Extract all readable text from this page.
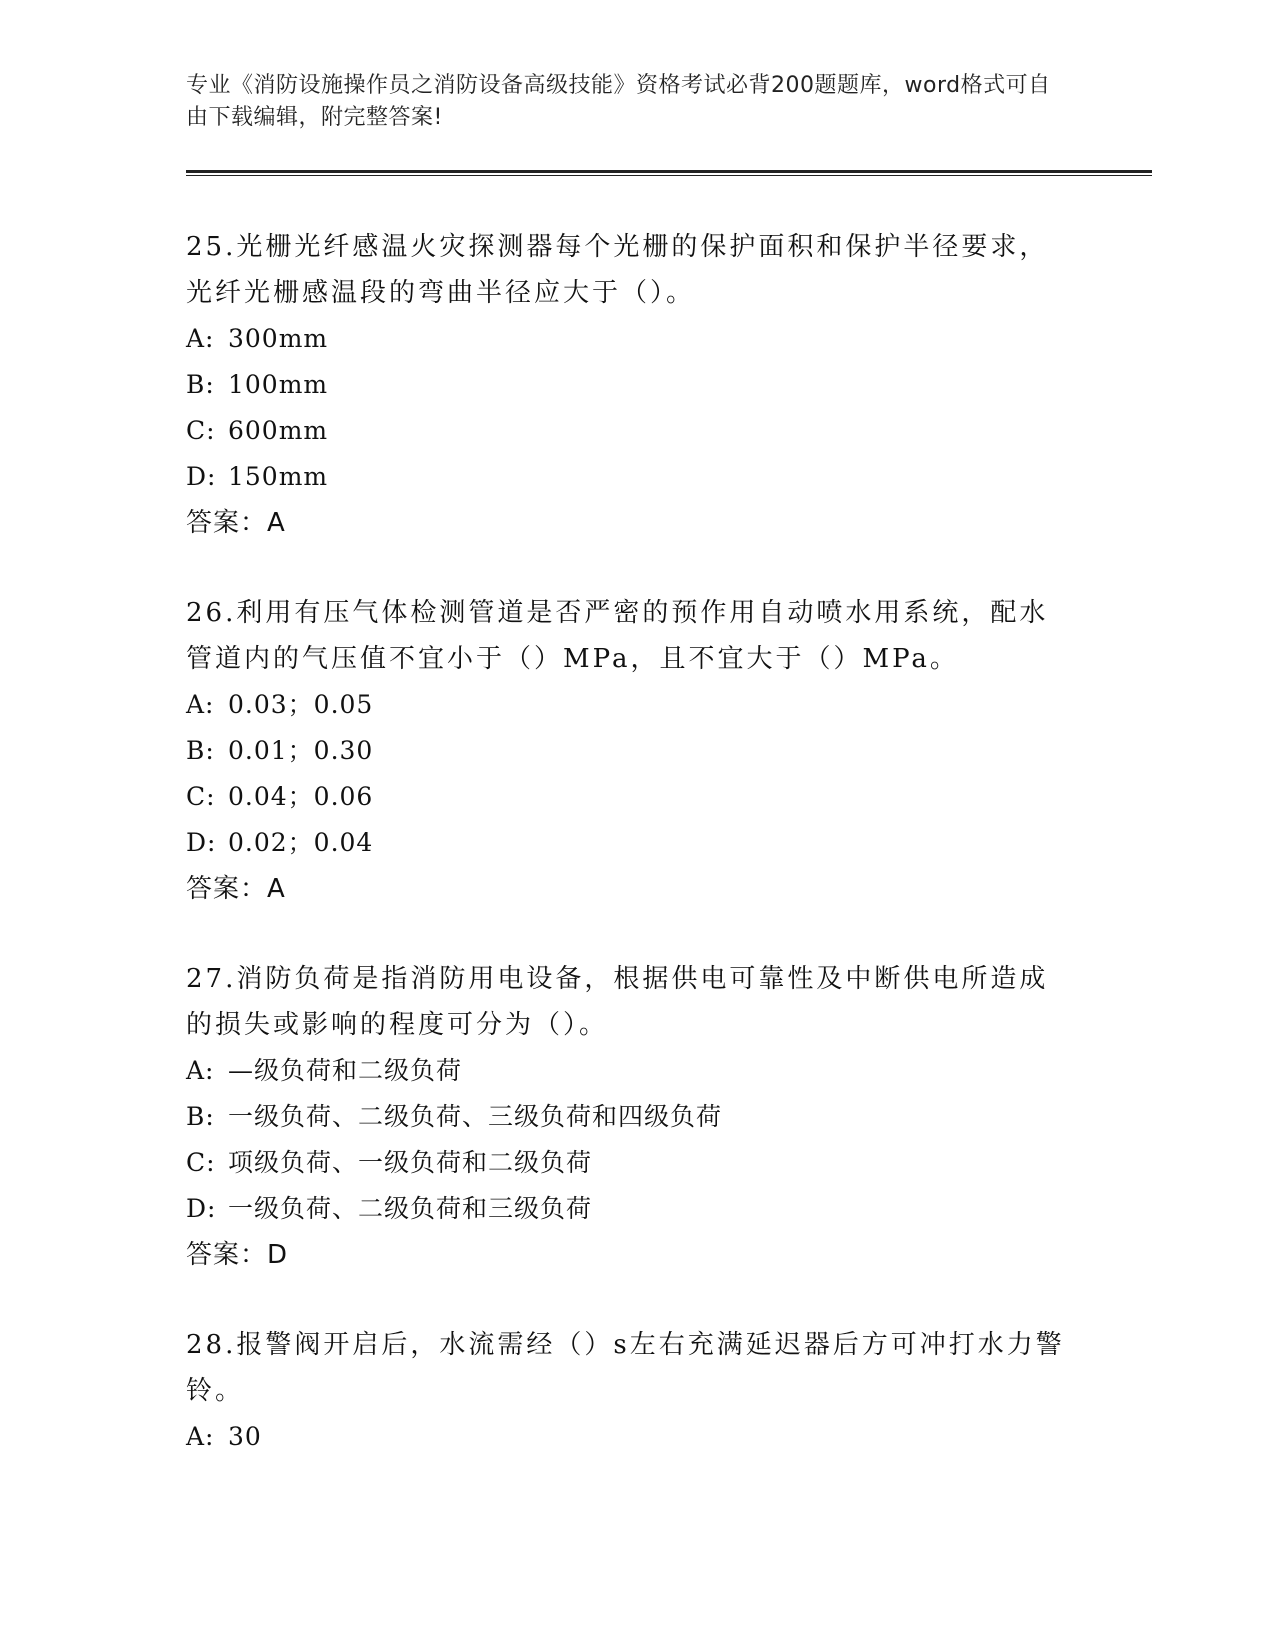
专业《消防设施操作员之消防设备高级技能》资格考试必背200题题库，word格式可自由下载编辑，附完整答案!

25.光栅光纤感温火灾探测器每个光栅的保护面积和保护半径要求，光纤光栅感温段的弯曲半径应大于（）。

A: 300mm

B: 100mm

C: 600mm

D: 150mm

答案：A

26.利用有压气体检测管道是否严密的预作用自动喷水用系统，配水管道内的气压值不宜小于（）MPa，且不宜大于（）MPa。

A: 0.03；0.05

B: 0.01；0.30

C: 0.04；0.06

D: 0.02；0.04

答案：A

27.消防负荷是指消防用电设备，根据供电可靠性及中断供电所造成的损失或影响的程度可分为（）。

A: —级负荷和二级负荷

B: 一级负荷、二级负荷、三级负荷和四级负荷

C: 项级负荷、一级负荷和二级负荷

D: 一级负荷、二级负荷和三级负荷

答案：D

28.报警阀开启后，水流需经（）s左右充满延迟器后方可冲打水力警铃。

A: 30
